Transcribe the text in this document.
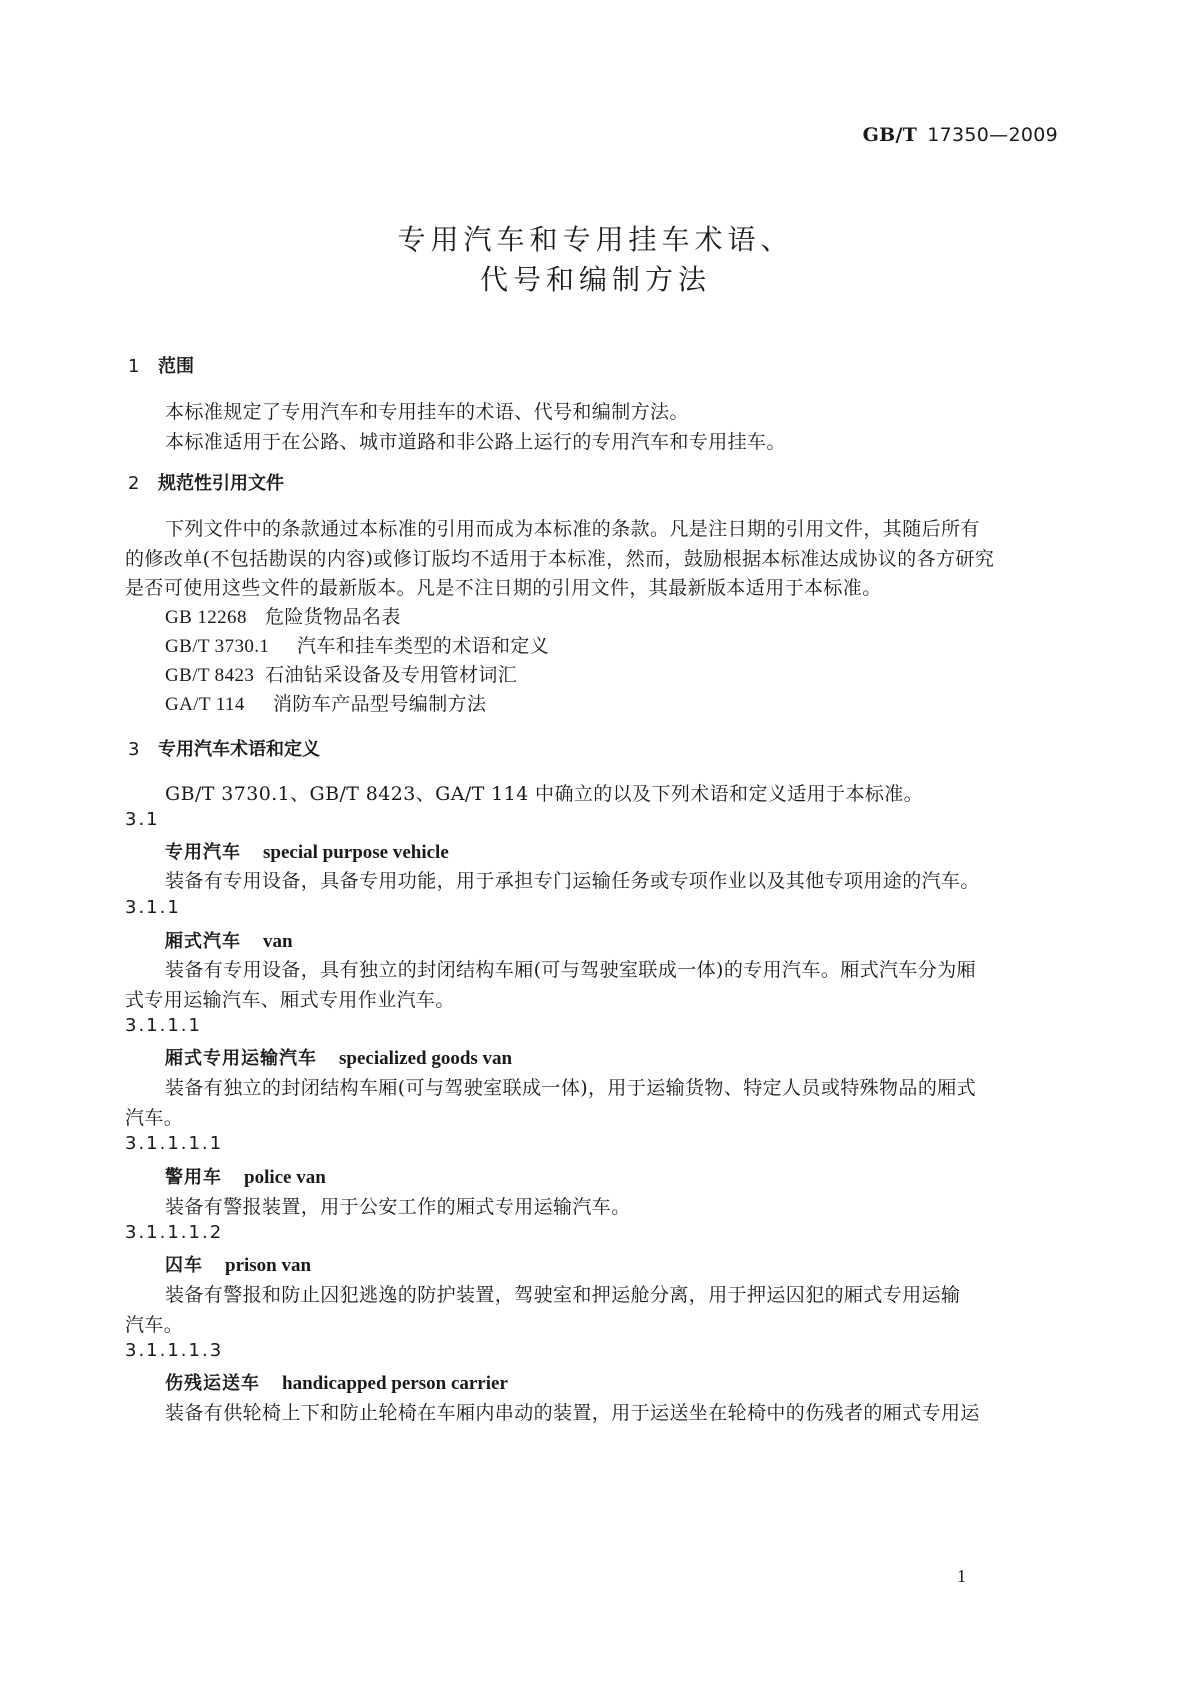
GB/T 17350—2009
专用汽车和专用挂车术语、
代号和编制方法
1 范围
本标准规定了专用汽车和专用挂车的术语、代号和编制方法。
本标准适用于在公路、城市道路和非公路上运行的专用汽车和专用挂车。
2 规范性引用文件
下列文件中的条款通过本标准的引用而成为本标准的条款。凡是注日期的引用文件，其随后所有
的修改单(不包括勘误的内容)或修订版均不适用于本标准，然而，鼓励根据本标准达成协议的各方研究
是否可使用这些文件的最新版本。凡是不注日期的引用文件，其最新版本适用于本标准。
GB 12268 危险货物品名表
GB/T 3730.1 汽车和挂车类型的术语和定义
GB/T 8423 石油钻采设备及专用管材词汇
GA/T 114 消防车产品型号编制方法
3 专用汽车术语和定义
GB/T 3730.1、GB/T 8423、GA/T 114 中确立的以及下列术语和定义适用于本标准。
3.1
专用汽车 special purpose vehicle
装备有专用设备，具备专用功能，用于承担专门运输任务或专项作业以及其他专项用途的汽车。
3.1.1
厢式汽车 van
装备有专用设备，具有独立的封闭结构车厢(可与驾驶室联成一体)的专用汽车。厢式汽车分为厢
式专用运输汽车、厢式专用作业汽车。
3.1.1.1
厢式专用运输汽车 specialized goods van
装备有独立的封闭结构车厢(可与驾驶室联成一体)，用于运输货物、特定人员或特殊物品的厢式
汽车。
3.1.1.1.1
警用车 police van
装备有警报装置，用于公安工作的厢式专用运输汽车。
3.1.1.1.2
囚车 prison van
装备有警报和防止囚犯逃逸的防护装置，驾驶室和押运舱分离，用于押运囚犯的厢式专用运输
汽车。
3.1.1.1.3
伤残运送车 handicapped person carrier
装备有供轮椅上下和防止轮椅在车厢内串动的装置，用于运送坐在轮椅中的伤残者的厢式专用运
1
